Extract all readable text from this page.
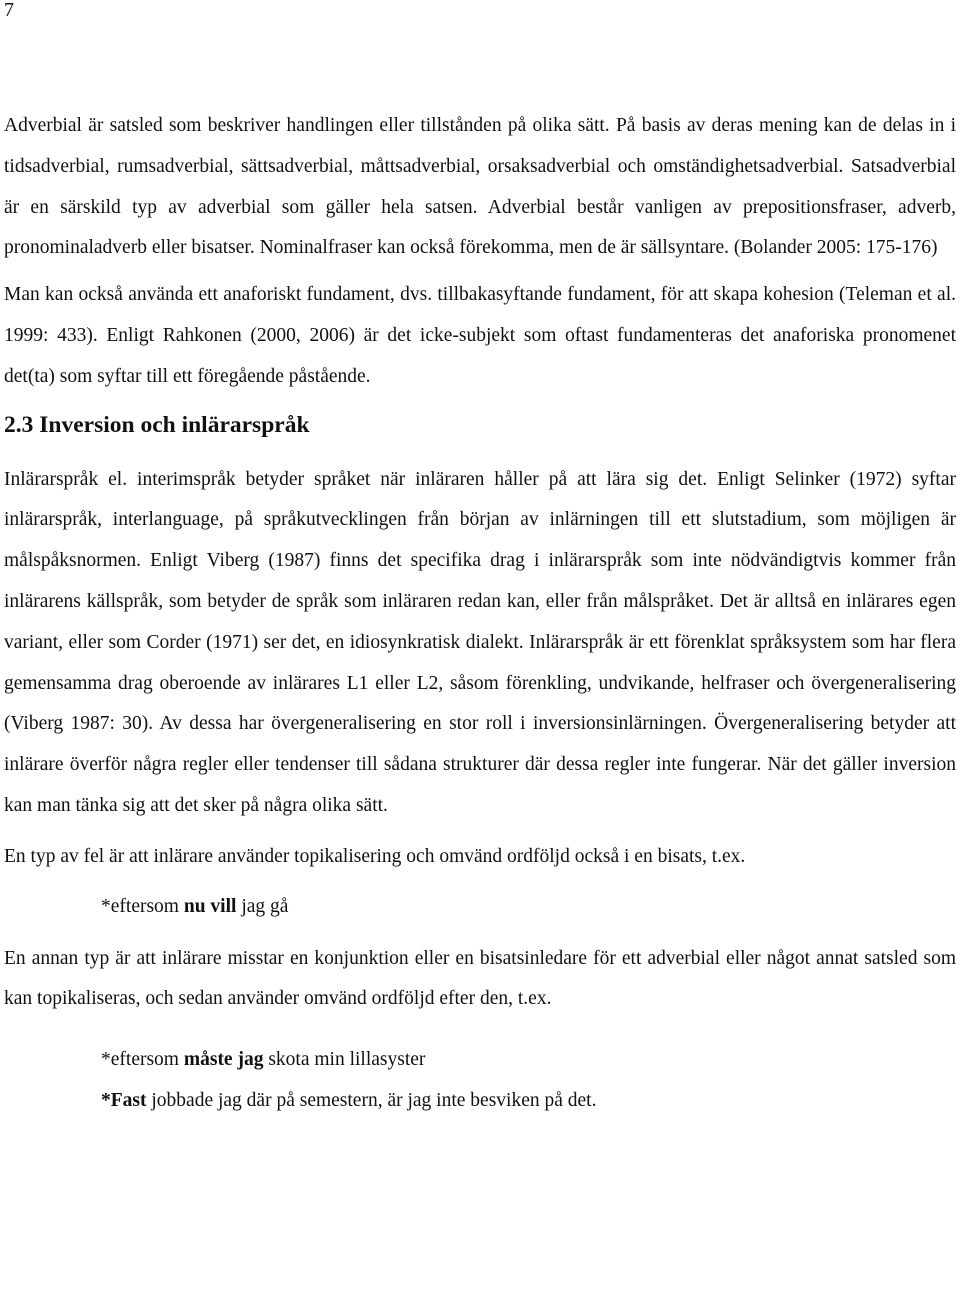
7

Adverbial är satsled som beskriver handlingen eller tillstånden på olika sätt. På basis av deras mening kan de delas in i tidsadverbial, rumsadverbial, sättsadverbial, måttsadverbial, orsaksadverbial och omständighetsadverbial. Satsadverbial är en särskild typ av adverbial som gäller hela satsen. Adverbial består vanligen av prepositionsfraser, adverb, pronominaladverb eller bisatser. Nominalfraser kan också förekomma, men de är sällsyntare. (Bolander 2005: 175-176)

Man kan också använda ett anaforiskt fundament, dvs. tillbakasyftande fundament, för att skapa kohesion (Teleman et al. 1999: 433). Enligt Rahkonen (2000, 2006) är det icke-subjekt som oftast fundamenteras det anaforiska pronomenet det(ta) som syftar till ett föregående påstående.

2.3 Inversion och inlärarspråk

Inlärarspråk el. interimspråk betyder språket när inläraren håller på att lära sig det. Enligt Selinker (1972) syftar inlärarspråk, interlanguage, på språkutvecklingen från början av inlärningen till ett slutstadium, som möjligen är målspåksnormen. Enligt Viberg (1987) finns det specifika drag i inlärarspråk som inte nödvändigtvis kommer från inlärarens källspråk, som betyder de språk som inläraren redan kan, eller från målspråket. Det är alltså en inlärares egen variant, eller som Corder (1971) ser det, en idiosynkratisk dialekt. Inlärarspråk är ett förenklat språksystem som har flera gemensamma drag oberoende av inlärares L1 eller L2, såsom förenkling, undvikande, helfraser och övergeneralisering (Viberg 1987: 30). Av dessa har övergeneralisering en stor roll i inversionsinlärningen. Övergeneralisering betyder att inlärare överför några regler eller tendenser till sådana strukturer där dessa regler inte fungerar. När det gäller inversion kan man tänka sig att det sker på några olika sätt.

En typ av fel är att inlärare använder topikalisering och omvänd ordföljd också i en bisats, t.ex.

*eftersom nu vill jag gå

En annan typ är att inlärare misstar en konjunktion eller en bisatsinledare för ett adverbial eller något annat satsled som kan topikaliseras, och sedan använder omvänd ordföljd efter den, t.ex.

*eftersom måste jag skota min lillasyster
*Fast jobbade jag där på semestern, är jag inte besviken på det.
